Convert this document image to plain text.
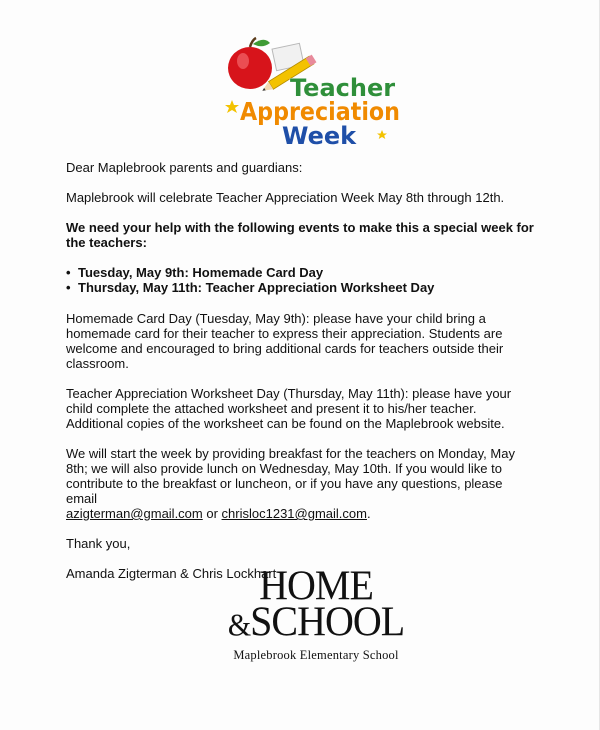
Teacher
Appreciation
Week

Dear Maplebrook parents and guardians:

Maplebrook will celebrate Teacher Appreciation Week May 8th through 12th.

We need your help with the following events to make this a special week for the teachers:

• Tuesday, May 9th: Homemade Card Day
• Thursday, May 11th: Teacher Appreciation Worksheet Day

Homemade Card Day (Tuesday, May 9th): please have your child bring a homemade card for their teacher to express their appreciation. Students are welcome and encouraged to bring additional cards for teachers outside their classroom.

Teacher Appreciation Worksheet Day (Thursday, May 11th): please have your child complete the attached worksheet and present it to his/her teacher. Additional copies of the worksheet can be found on the Maplebrook website.

We will start the week by providing breakfast for the teachers on Monday, May 8th; we will also provide lunch on Wednesday, May 10th. If you would like to contribute to the breakfast or luncheon, or if you have any questions, please email
azigterman@gmail.com or chrisloc1231@gmail.com.

Thank you,

Amanda Zigterman & Chris Lockhart

HOME
&SCHOOL
Maplebrook Elementary School
